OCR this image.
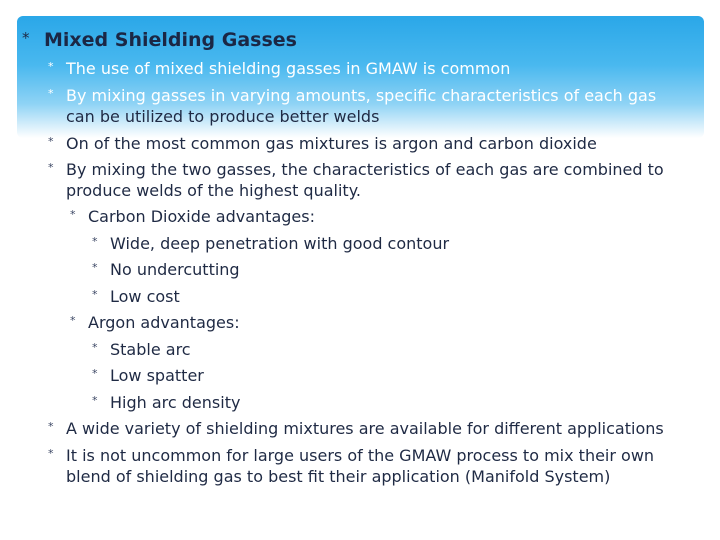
* Mixed Shielding Gasses
* The use of mixed shielding gasses in GMAW is common
* By mixing gasses in varying amounts, specific characteristics of each gas
can be utilized to produce better welds
* On of the most common gas mixtures is argon and carbon dioxide
* By mixing the two gasses, the characteristics of each gas are combined to
produce welds of the highest quality.
* Carbon Dioxide advantages:
* Wide, deep penetration with good contour
* No undercutting
* Low cost
* Argon advantages:
* Stable arc
* Low spatter
* High arc density
* A wide variety of shielding mixtures are available for different applications
* It is not uncommon for large users of the GMAW process to mix their own
blend of shielding gas to best fit their application (Manifold System)
